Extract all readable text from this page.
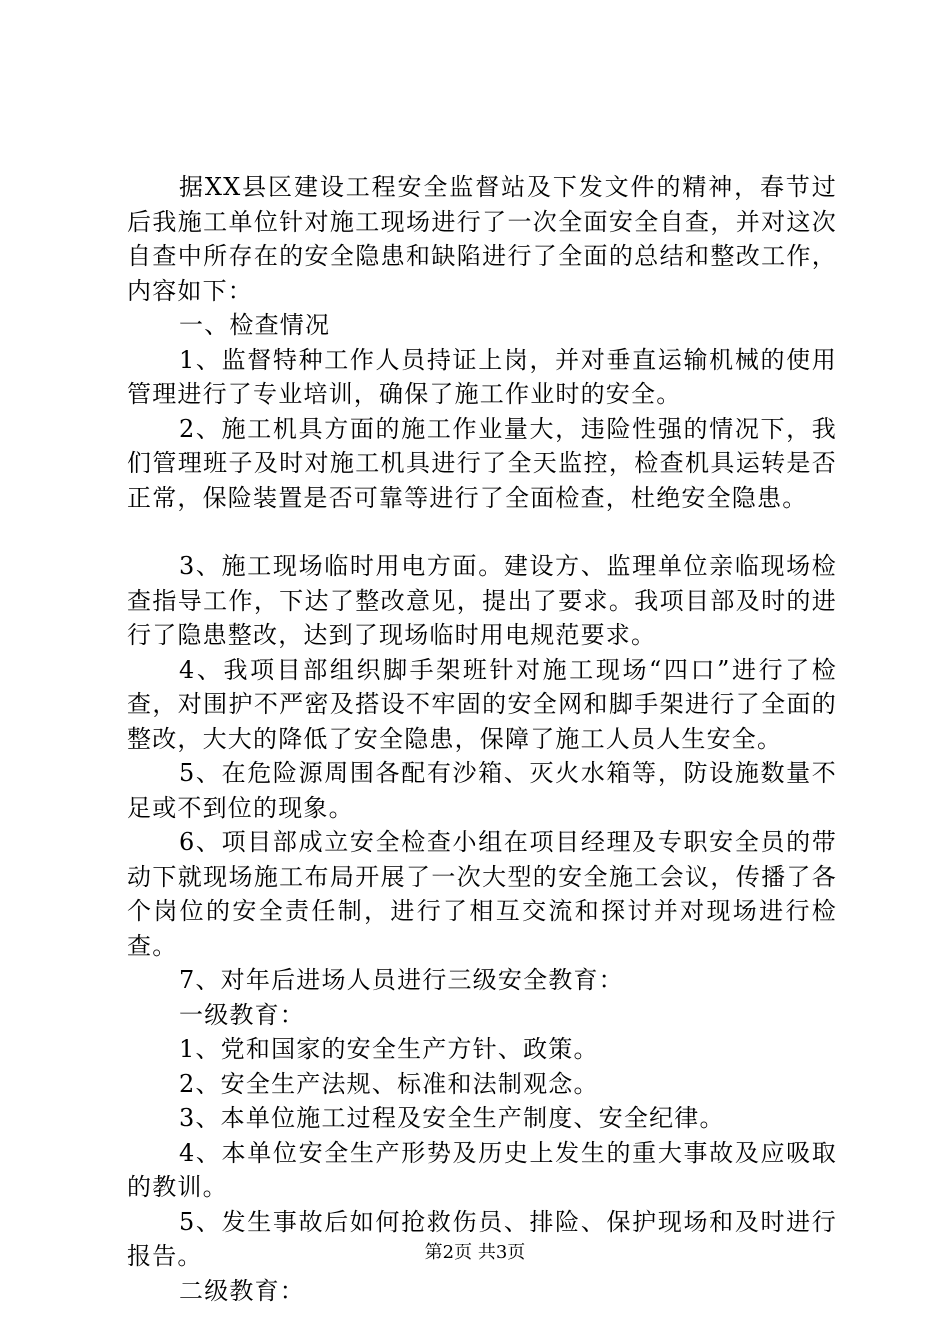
据XX县区建设工程安全监督站及下发文件的精神，春节过后我施工单位针对施工现场进行了一次全面安全自查，并对这次自查中所存在的安全隐患和缺陷进行了全面的总结和整改工作，内容如下：

一、检查情况

1、监督特种工作人员持证上岗，并对垂直运输机械的使用管理进行了专业培训，确保了施工作业时的安全。

2、施工机具方面的施工作业量大，违险性强的情况下，我们管理班子及时对施工机具进行了全天监控，检查机具运转是否正常，保险装置是否可靠等进行了全面检查，杜绝安全隐患。

3、施工现场临时用电方面。建设方、监理单位亲临现场检查指导工作，下达了整改意见，提出了要求。我项目部及时的进行了隐患整改，达到了现场临时用电规范要求。

4、我项目部组织脚手架班针对施工现场“四口”进行了检查，对围护不严密及搭设不牢固的安全网和脚手架进行了全面的整改，大大的降低了安全隐患，保障了施工人员人生安全。

5、在危险源周围各配有沙箱、灭火水箱等，防设施数量不足或不到位的现象。

6、项目部成立安全检查小组在项目经理及专职安全员的带动下就现场施工布局开展了一次大型的安全施工会议，传播了各个岗位的安全责任制，进行了相互交流和探讨并对现场进行检查。

7、对年后进场人员进行三级安全教育：

一级教育：

1、党和国家的安全生产方针、政策。

2、安全生产法规、标准和法制观念。

3、本单位施工过程及安全生产制度、安全纪律。

4、本单位安全生产形势及历史上发生的重大事故及应吸取的教训。

5、发生事故后如何抢救伤员、排险、保护现场和及时进行报告。

二级教育：

第2页 共3页
